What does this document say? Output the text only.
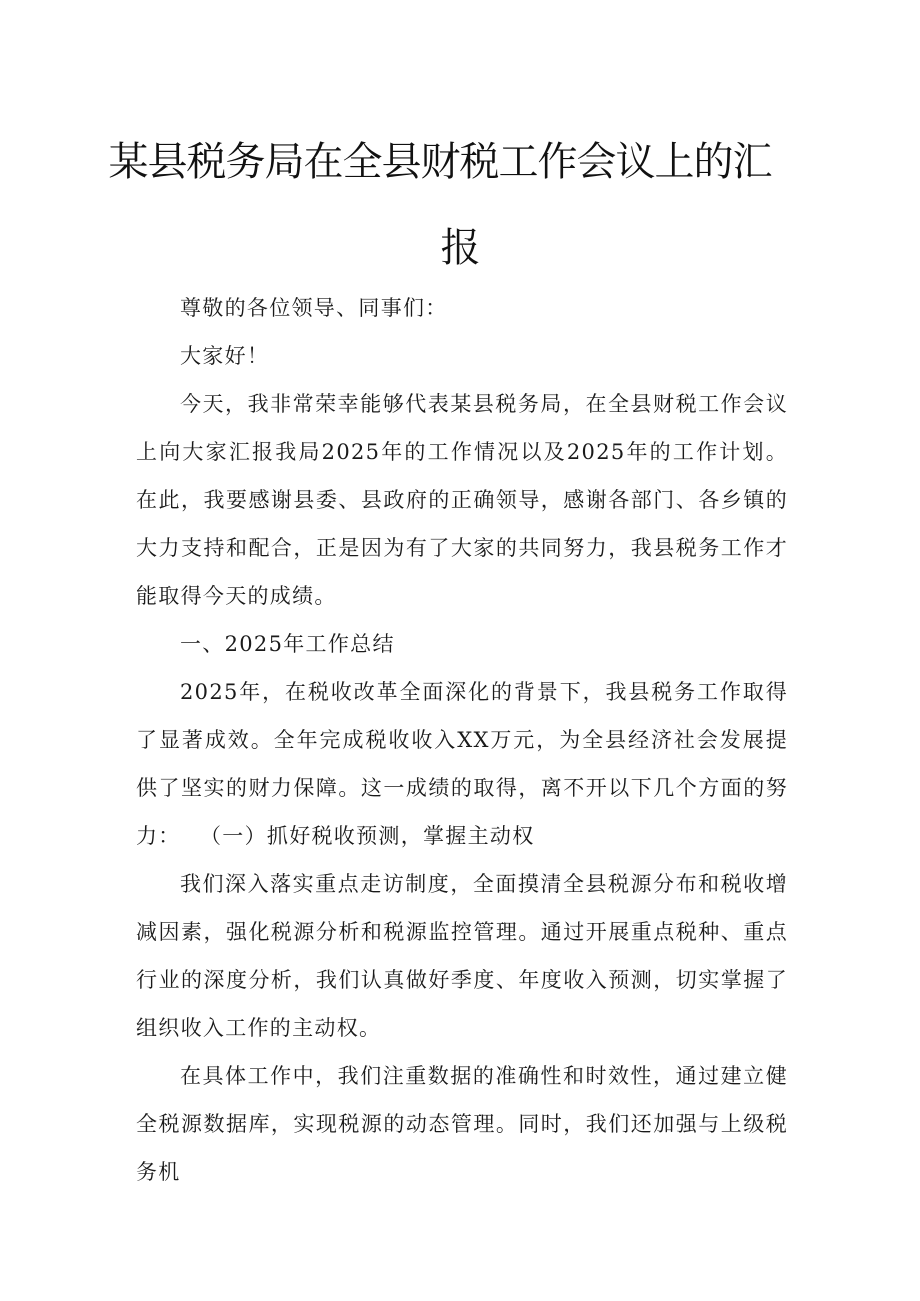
某县税务局在全县财税工作会议上的汇
报

尊敬的各位领导、同事们：

大家好！

今天，我非常荣幸能够代表某县税务局，在全县财税工作会议上向大家汇报我局2025年的工作情况以及2025年的工作计划。在此，我要感谢县委、县政府的正确领导，感谢各部门、各乡镇的大力支持和配合，正是因为有了大家的共同努力，我县税务工作才能取得今天的成绩。

一、2025年工作总结

2025年，在税收改革全面深化的背景下，我县税务工作取得了显著成效。全年完成税收收入XX万元，为全县经济社会发展提供了坚实的财力保障。这一成绩的取得，离不开以下几个方面的努力： （一）抓好税收预测，掌握主动权

我们深入落实重点走访制度，全面摸清全县税源分布和税收增减因素，强化税源分析和税源监控管理。通过开展重点税种、重点行业的深度分析，我们认真做好季度、年度收入预测，切实掌握了组织收入工作的主动权。

在具体工作中，我们注重数据的准确性和时效性，通过建立健全税源数据库，实现税源的动态管理。同时，我们还加强与上级税务机
